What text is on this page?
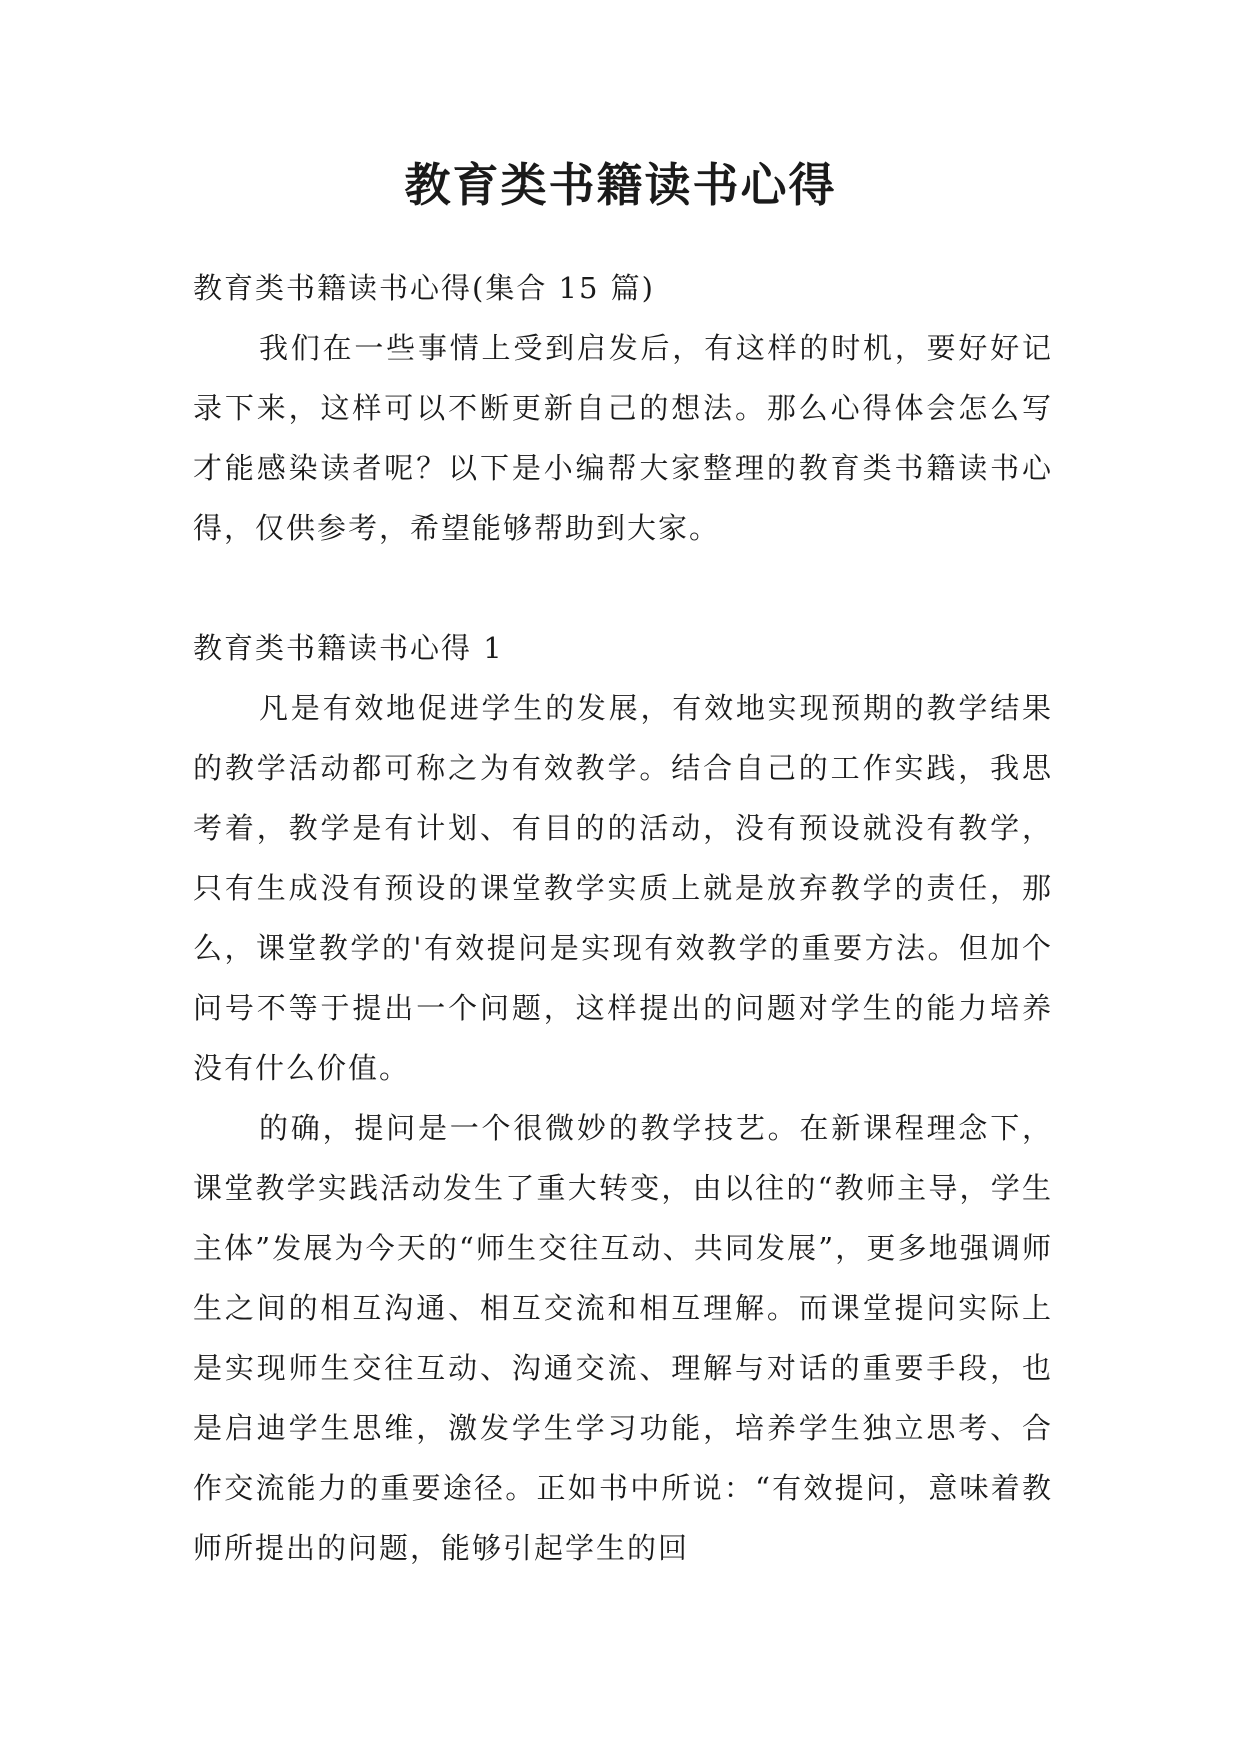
教育类书籍读书心得

教育类书籍读书心得(集合 15 篇)

我们在一些事情上受到启发后，有这样的时机，要好好记录下来，这样可以不断更新自己的想法。那么心得体会怎么写才能感染读者呢？以下是小编帮大家整理的教育类书籍读书心得，仅供参考，希望能够帮助到大家。

教育类书籍读书心得 1

凡是有效地促进学生的发展，有效地实现预期的教学结果的教学活动都可称之为有效教学。结合自己的工作实践，我思考着，教学是有计划、有目的的活动，没有预设就没有教学，只有生成没有预设的课堂教学实质上就是放弃教学的责任，那么，课堂教学的'有效提问是实现有效教学的重要方法。但加个问号不等于提出一个问题，这样提出的问题对学生的能力培养没有什么价值。

的确，提问是一个很微妙的教学技艺。在新课程理念下，课堂教学实践活动发生了重大转变，由以往的“教师主导，学生主体”发展为今天的“师生交往互动、共同发展”，更多地强调师生之间的相互沟通、相互交流和相互理解。而课堂提问实际上是实现师生交往互动、沟通交流、理解与对话的重要手段，也是启迪学生思维，激发学生学习功能，培养学生独立思考、合作交流能力的重要途径。正如书中所说：“有效提问，意味着教师所提出的问题，能够引起学生的回
